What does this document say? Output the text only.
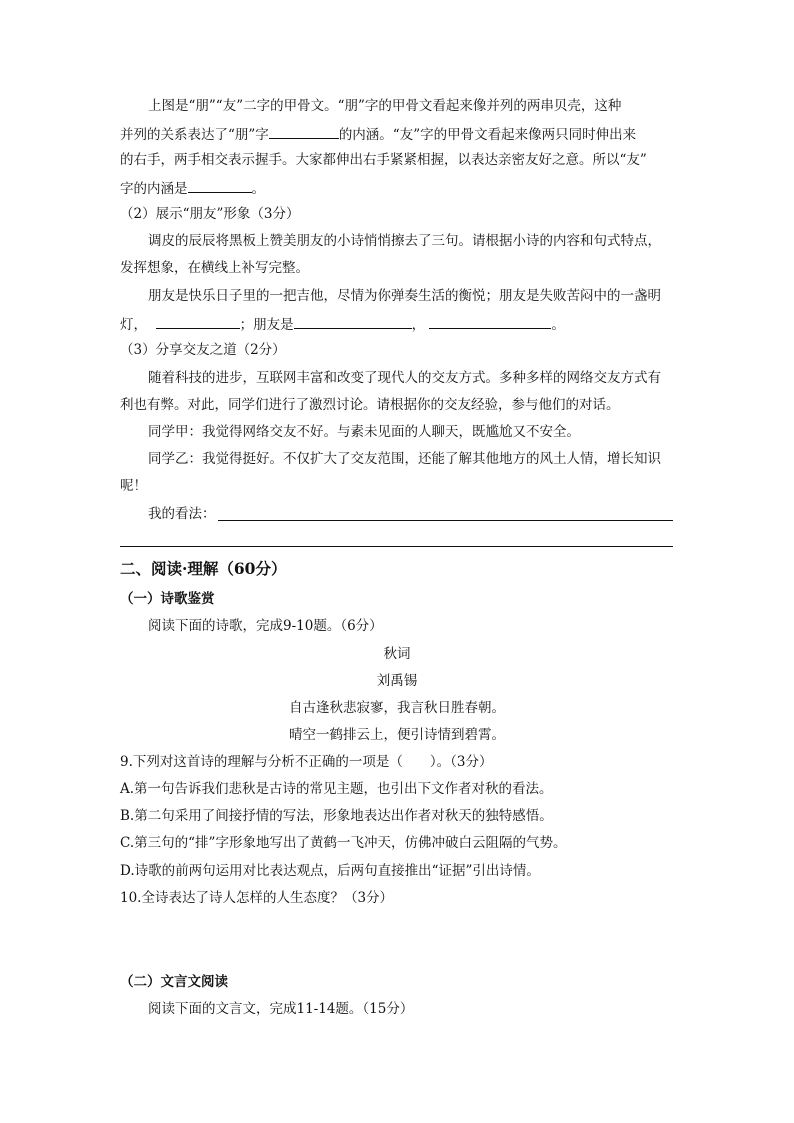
上图是“朋”“友”二字的甲骨文。“朋”字的甲骨文看起来像并列的两串贝壳，这种
并列的关系表达了“朋”字	的内涵。“友”字的甲骨文看起来像两只同时伸出来
的右手，两手相交表示握手。大家都伸出右手紧紧相握，以表达亲密友好之意。所以“友”
字的内涵是	。
（2）展示“朋友”形象（3分）
调皮的辰辰将黑板上赞美朋友的小诗悄悄擦去了三句。请根据小诗的内容和句式特点，
发挥想象，在横线上补写完整。
朋友是快乐日子里的一把吉他，尽情为你弹奏生活的衡悦；朋友是失败苦闷中的一盏明
灯，	；朋友是	，	。
（3）分享交友之道（2分）
随着科技的进步，互联网丰富和改变了现代人的交友方式。多种多样的网络交友方式有
利也有弊。对此，同学们进行了激烈讨论。请根据你的交友经验，参与他们的对话。
同学甲：我觉得网络交友不好。与素未见面的人聊天，既尴尬又不安全。
同学乙：我觉得挺好。不仅扩大了交友范围，还能了解其他地方的风土人情，增长知识
呢！
我的看法：
二、阅读·理解（60分）
（一）诗歌鉴赏
阅读下面的诗歌，完成9-10题。（6分）
秋词
刘禹锡
自古逢秋悲寂寥，我言秋日胜春朝。
晴空一鹤排云上，便引诗情到碧霄。
9.下列对这首诗的理解与分析不正确的一项是（　　）。（3分）
A.第一句告诉我们悲秋是古诗的常见主题，也引出下文作者对秋的看法。
B.第二句采用了间接抒情的写法，形象地表达出作者对秋天的独特感悟。
C.第三句的“排”字形象地写出了黄鹤一飞冲天，仿佛冲破白云阻隔的气势。
D.诗歌的前两句运用对比表达观点，后两句直接推出“证据”引出诗情。
10.全诗表达了诗人怎样的人生态度？（3分）
（二）文言文阅读
阅读下面的文言文，完成11-14题。（15分）
